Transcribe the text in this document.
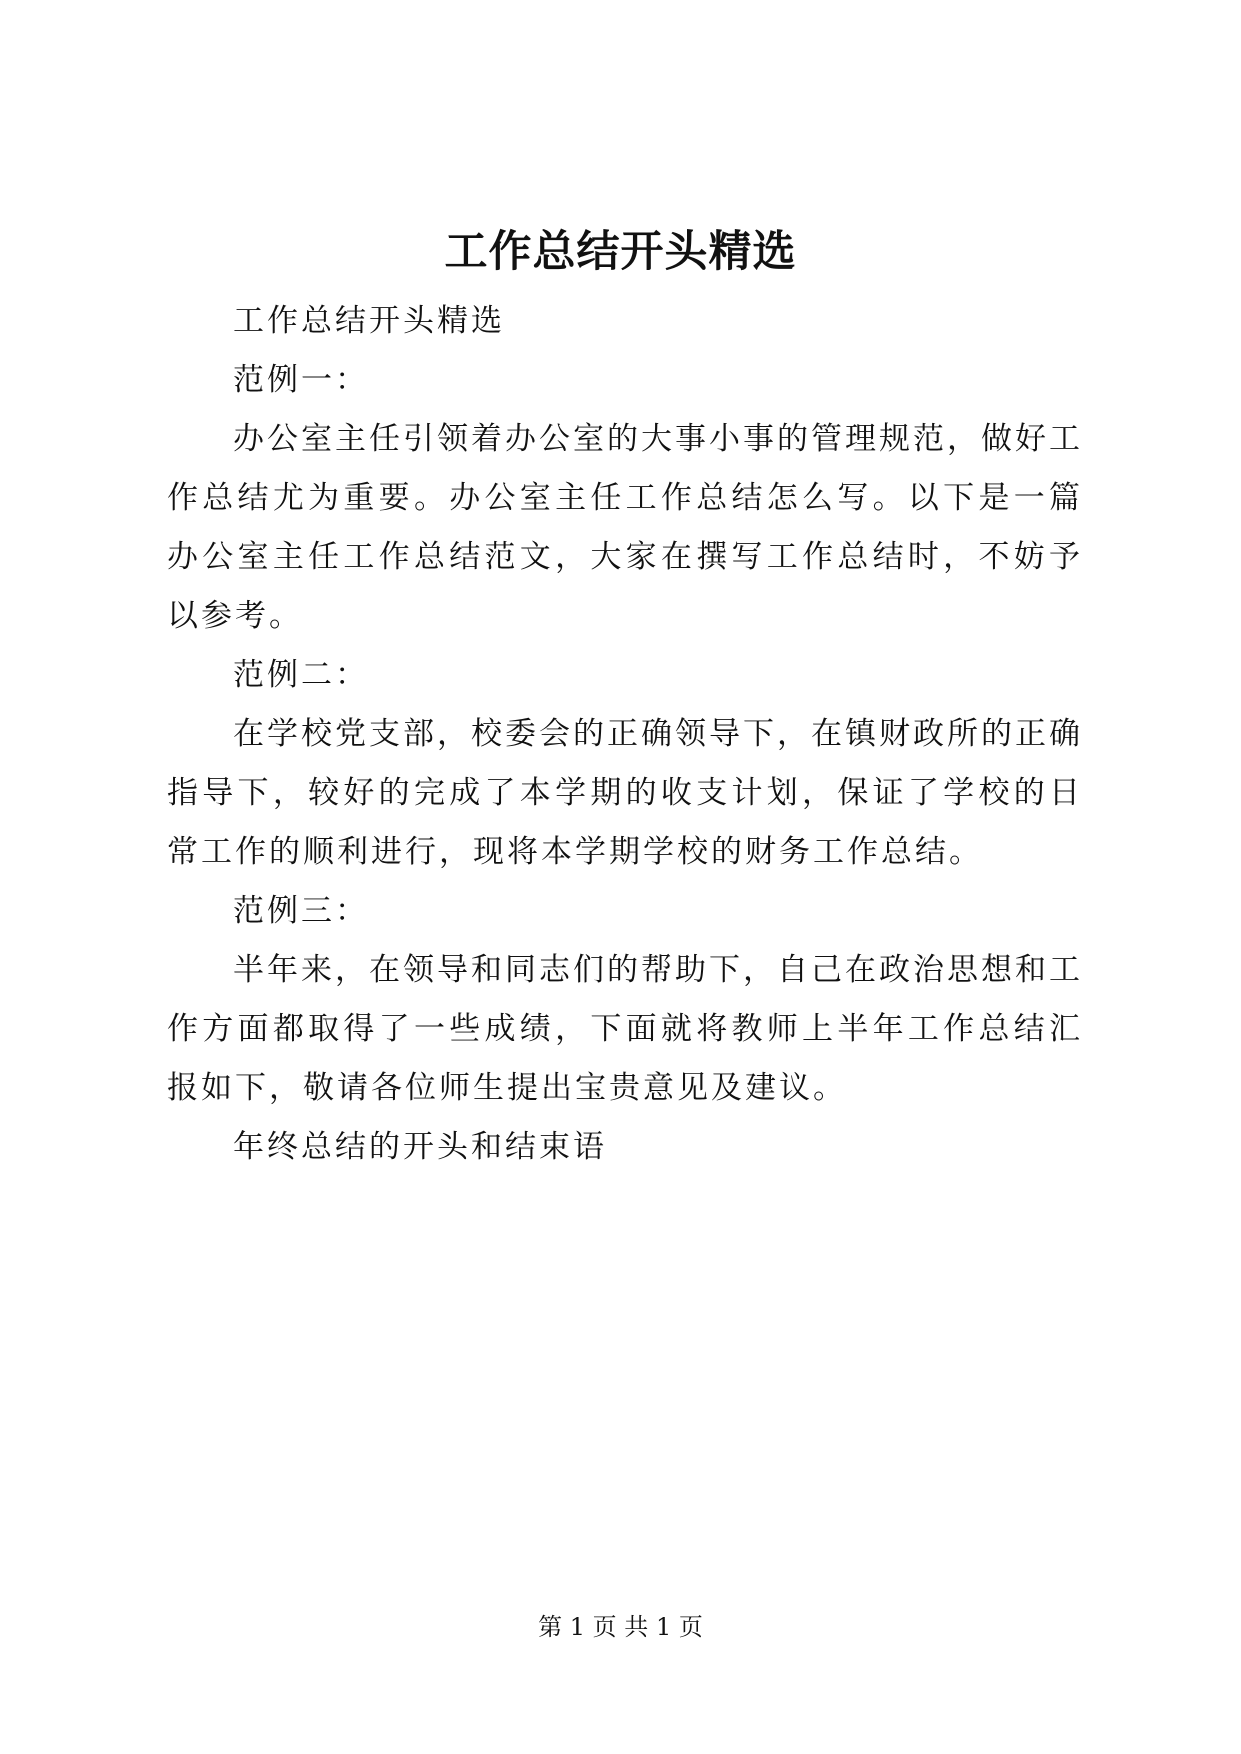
工作总结开头精选

工作总结开头精选

范例一：

办公室主任引领着办公室的大事小事的管理规范，做好工作总结尤为重要。办公室主任工作总结怎么写。以下是一篇办公室主任工作总结范文，大家在撰写工作总结时，不妨予以参考。

范例二：

在学校党支部，校委会的正确领导下，在镇财政所的正确指导下，较好的完成了本学期的收支计划，保证了学校的日常工作的顺利进行，现将本学期学校的财务工作总结。

范例三：

半年来，在领导和同志们的帮助下，自己在政治思想和工作方面都取得了一些成绩，下面就将教师上半年工作总结汇报如下，敬请各位师生提出宝贵意见及建议。

年终总结的开头和结束语

第 1 页 共 1 页
